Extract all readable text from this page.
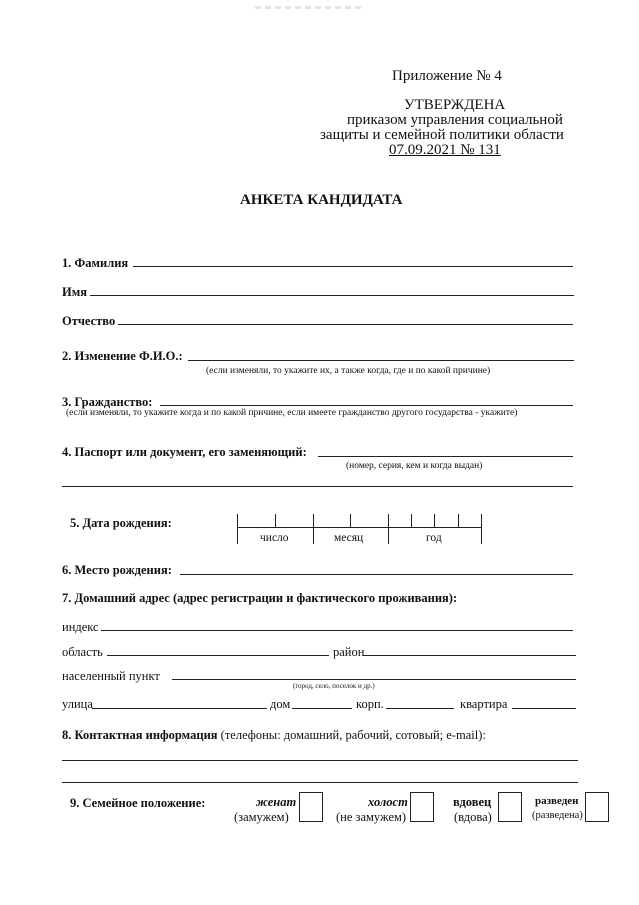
Приложение № 4
УТВЕРЖДЕНА
приказом управления социальной
защиты и семейной политики области
07.09.2021 № 131
АНКЕТА КАНДИДАТА
1. Фамилия
Имя
Отчество
2. Изменение Ф.И.О.:
(если изменяли, то укажите их, а также когда, где и по какой причине)
3. Гражданство:
(если изменяли, то укажите когда и по какой причине, если имеете гражданство другого государства - укажите)
4. Паспорт или документ, его заменяющий:
(номер, серия, кем и когда выдан)
5. Дата рождения:
число	месяц	год
6. Место рождения:
7. Домашний адрес (адрес регистрации и фактического проживания):
индекс
область	район
населенный пункт
(город, село, поселок и др.)
улица	дом	корп.	квартира
8. Контактная информация (телефоны: домашний, рабочий, сотовый; e-mail):
9. Семейное положение:	женат
(замужем)
холост
(не замужем)
вдовец
(вдова)
разведен
(разведена)
